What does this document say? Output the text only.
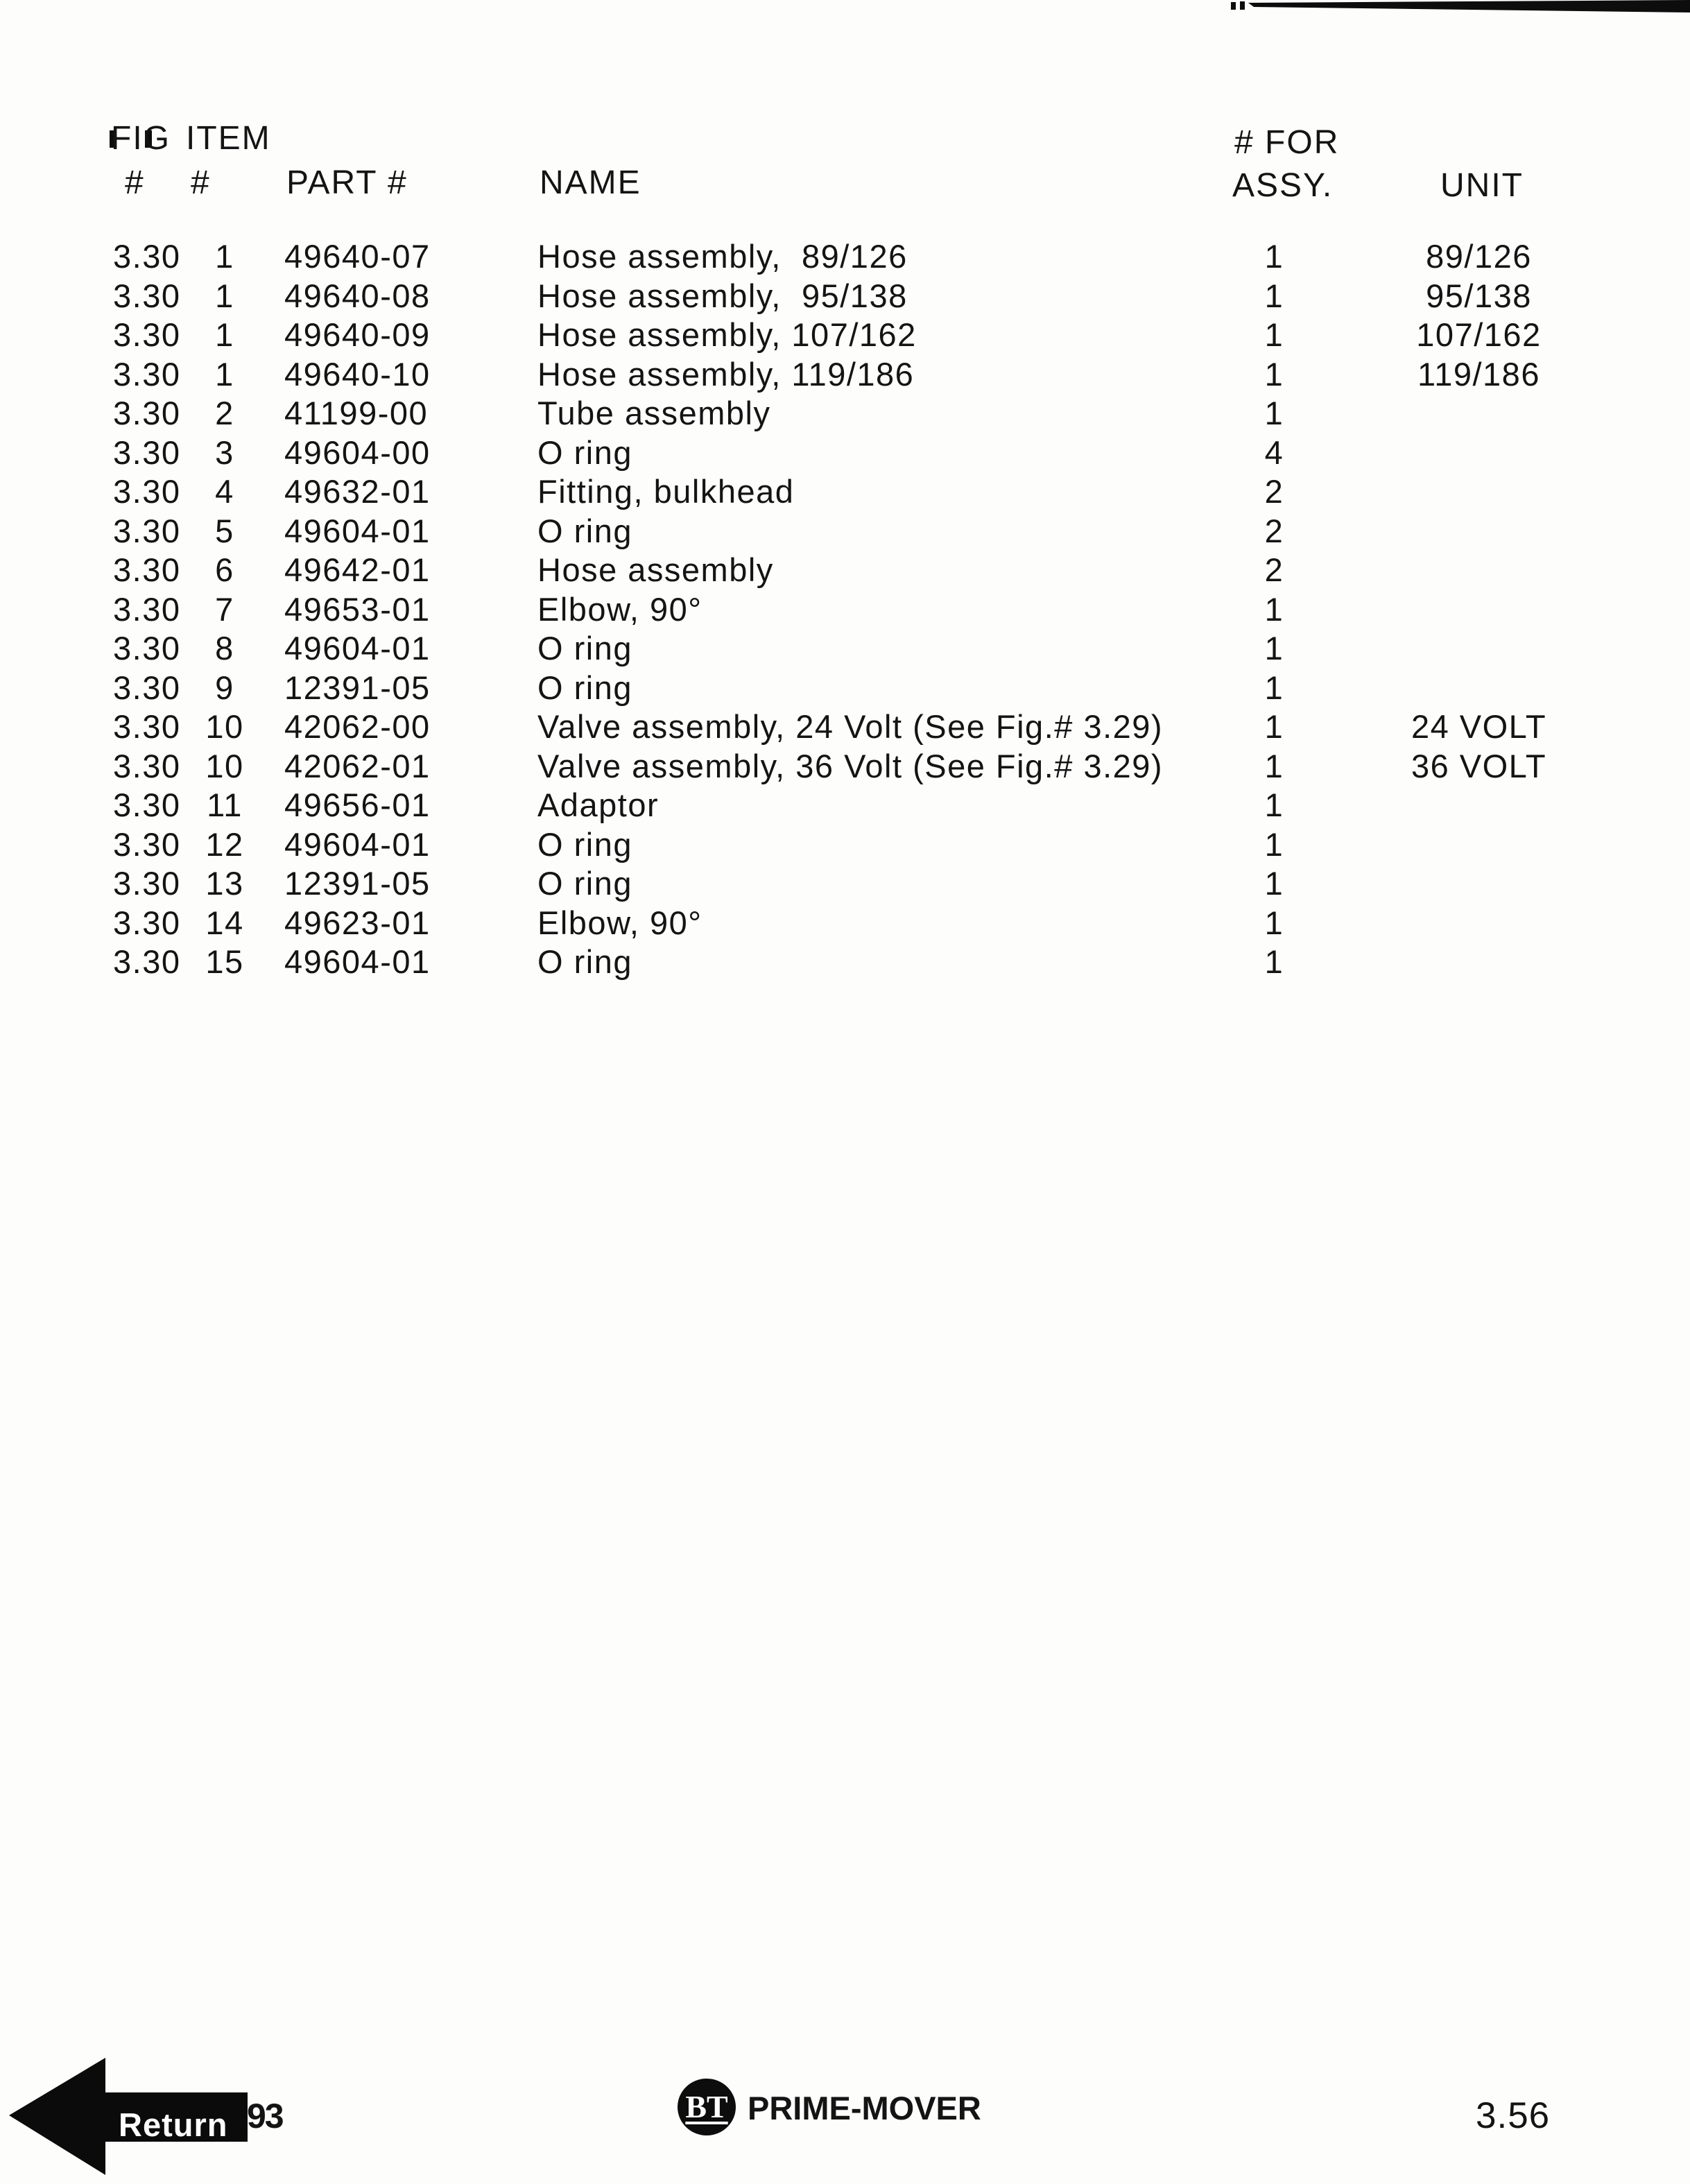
FIG ITEM
# # PART #	NAME
# FOR
ASSY.	UNIT
3.30	1	49640-07	Hose assembly,  89/126	1	89/126
3.30	1	49640-08	Hose assembly,  95/138	1	95/138
3.30	1	49640-09	Hose assembly, 107/162	1	107/162
3.30	1	49640-10	Hose assembly, 119/186	1	119/186
3.30	2	41199-00	Tube assembly	1
3.30	3	49604-00	O ring	4
3.30	4	49632-01	Fitting, bulkhead	2
3.30	5	49604-01	O ring	2
3.30	6	49642-01	Hose assembly	2
3.30	7	49653-01	Elbow, 90°	1
3.30	8	49604-01	O ring	1
3.30	9	12391-05	O ring	1
3.30 10	42062-00	Valve assembly, 24 Volt (See Fig.# 3.29)	1	24 VOLT
3.30 10	42062-01	Valve assembly, 36 Volt (See Fig.# 3.29)	1	36 VOLT
3.30 11	49656-01	Adaptor	1
3.30 12	49604-01	O ring	1
3.30 13	12391-05	O ring	1
3.30 14	49623-01	Elbow, 90°	1
3.30 15	49604-01	O ring	1
Return 93	BT PRIME-MOVER	3.56
